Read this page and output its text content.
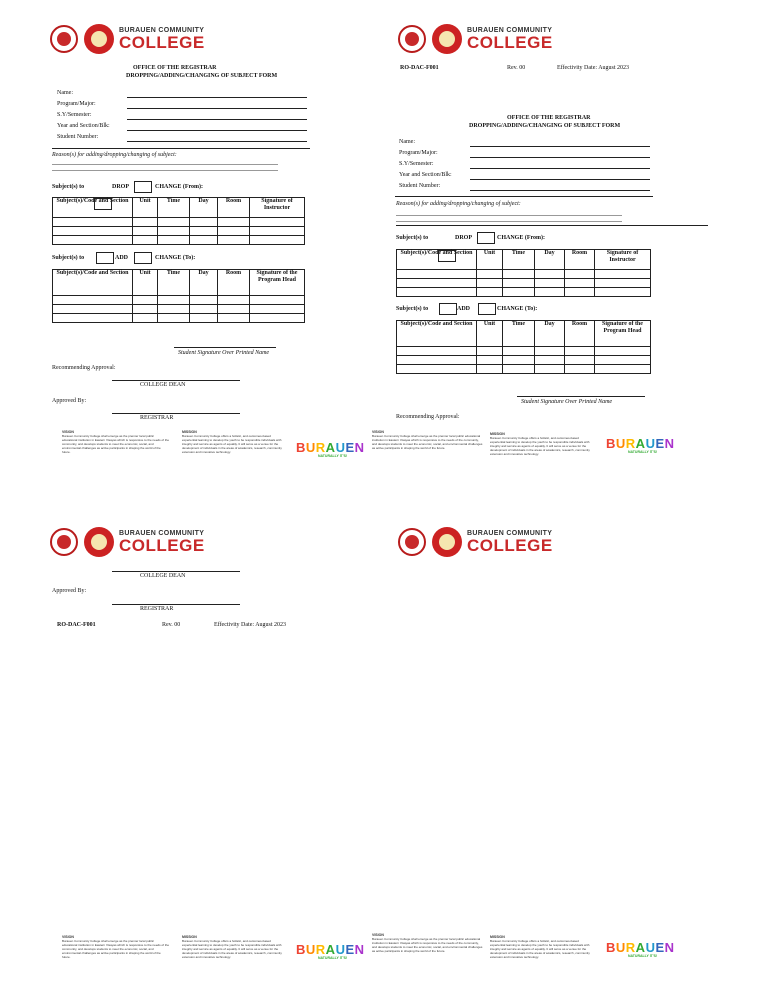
BURAUEN COMMUNITY
COLLEGE
OFFICE OF THE REGISTRAR
DROPPING/ADDING/CHANGING OF SUBJECT FORM
Name:
Program/Major:
S.Y/Semester:
Year and Section/Blk:
Student Number:
Reason(s) for adding/dropping/changing of subject:
Subject(s) to	DROP	CHANGE (From):
Subject(s)/Code and Section	Unit	Time	Day	Room	Signature of Instructor

Subject(s) to	ADD	CHANGE (To):
Subject(s)/Code and Section	Unit	Time	Day	Room	Signature of the Program Head

Student Signature Over Printed Name
Recommending Approval:
COLLEGE DEAN
Approved By:
REGISTRAR
VISION
Burauen Community College shall emerge as the premier local public educational institution in Eastern Visayas which is responsive to the needs of the community, and develops students to meet the economic, social, and environmental challenges as active participants in shaping the world of the future.
MISSION
Burauen Community College offers a holistic, and outcomes-based experiential learning to develop the youth to be responsible individuals with integrity and service as agents of equality. It will serve as a venue for the development of individuals in the areas of academics, research, community extension and innovative technology.	BURAUEN
NATURALLY IT'S!
BURAUEN COMMUNITY
COLLEGE
RO-DAC-F001	Rev. 00	Effectivity Date: August 2023
OFFICE OF THE REGISTRAR
DROPPING/ADDING/CHANGING OF SUBJECT FORM
Name:
Program/Major:
S.Y/Semester:
Year and Section/Blk:
Student Number:
Reason(s) for adding/dropping/changing of subject:
Subject(s) to	DROP	CHANGE (From):
Subject(s)/Code and Section	Unit	Time	Day	Room	Signature of Instructor

Subject(s) to	ADD	CHANGE (To):
Subject(s)/Code and Section	Unit	Time	Day	Room	Signature of the Program Head

Student Signature Over Printed Name
Recommending Approval:
VISION
Burauen Community College shall emerge as the premier local public educational institution in Eastern Visayas which is responsive to the needs of the community, and develops students to meet the economic, social, and environmental challenges as active participants in shaping the world of the future.
MISSION
Burauen Community College offers a holistic, and outcomes-based experiential learning to develop the youth to be responsible individuals with integrity and service as agents of equality. It will serve as a venue for the development of individuals in the areas of academics, research, community extension and innovative technology.
BURAUEN
NATURALLY IT'S!
BURAUEN COMMUNITY
COLLEGE
COLLEGE DEAN
Approved By:
REGISTRAR
RO-DAC-F001	Rev. 00	Effectivity Date: August 2023
VISION
Burauen Community College shall emerge as the premier local public educational institution in Eastern Visayas which is responsive to the needs of the community, and develops students to meet the economic, social, and environmental challenges as active participants in shaping the world of the future.
MISSION
Burauen Community College offers a holistic, and outcomes-based experiential learning to develop the youth to be responsible individuals with integrity and service as agents of equality. It will serve as a venue for the development of individuals in the areas of academics, research, community extension and innovative technology.	BURAUEN
NATURALLY IT'S!
BURAUEN COMMUNITY
COLLEGE
VISION
Burauen Community College shall emerge as the premier local public educational institution in Eastern Visayas which is responsive to the needs of the community, and develops students to meet the economic, social, and environmental challenges as active participants in shaping the world of the future.
MISSION
Burauen Community College offers a holistic, and outcomes-based experiential learning to develop the youth to be responsible individuals with integrity and service as agents of equality. It will serve as a venue for the development of individuals in the areas of academics, research, community extension and innovative technology.
BURAUEN
NATURALLY IT'S!
